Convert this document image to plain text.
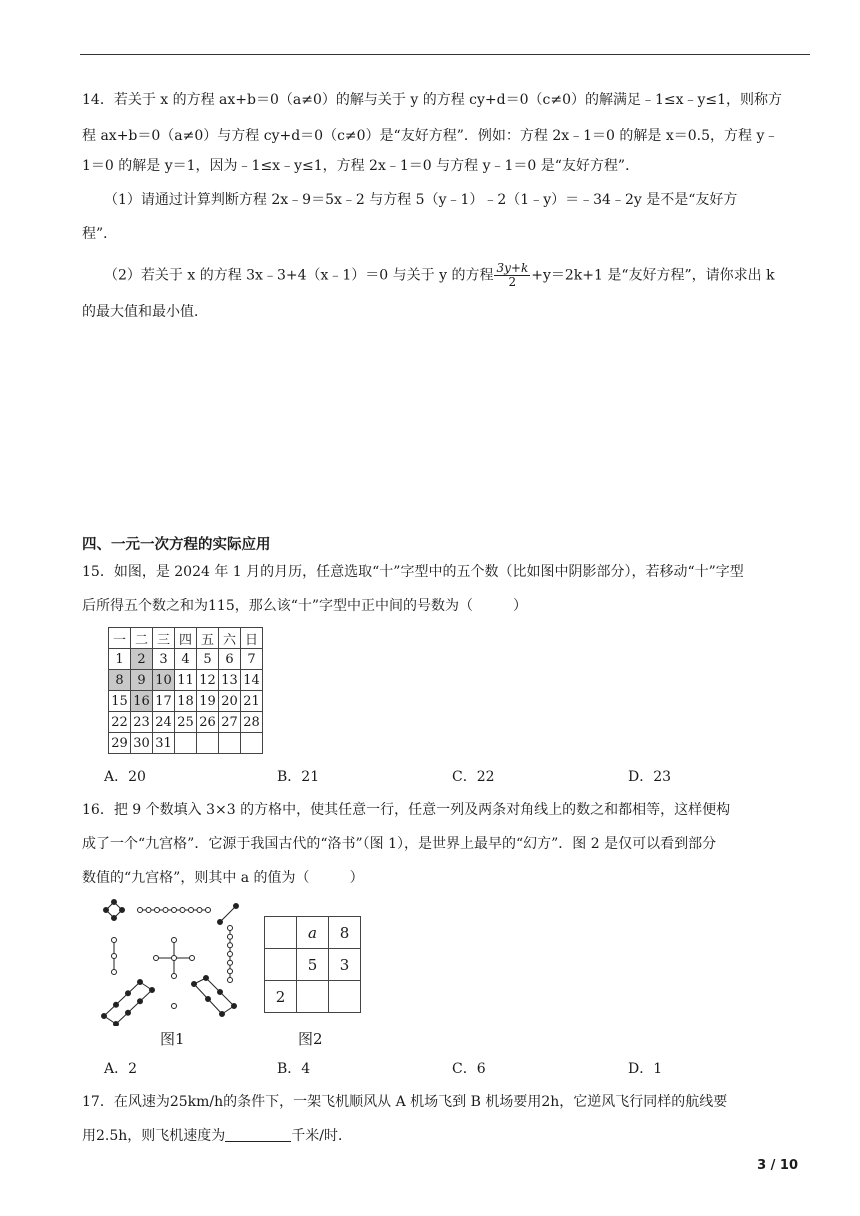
14．若关于 x 的方程 ax+b＝0（a≠0）的解与关于 y 的方程 cy+d＝0（c≠0）的解满足﹣1≤x﹣y≤1，则称方
程 ax+b＝0（a≠0）与方程 cy+d＝0（c≠0）是“友好方程”．例如：方程 2x﹣1＝0 的解是 x＝0.5，方程 y﹣
1＝0 的解是 y＝1，因为﹣1≤x﹣y≤1，方程 2x﹣1＝0 与方程 y﹣1＝0 是“友好方程”．
（1）请通过计算判断方程 2x﹣9＝5x﹣2 与方程 5（y﹣1）﹣2（1﹣y）＝﹣34﹣2y 是不是“友好方
程”．
（2）若关于 x 的方程 3x﹣3+4（x﹣1）＝0 与关于 y 的方程 $\frac{3y+k}{2} +y=2k+1$ 是“友好方程”，请你求出 k
的最大值和最小值．
四、一元一次方程的实际应用
15．如图，是 2024 年 1 月的月历，任意选取“十”字型中的五个数（比如图中阴影部分），若移动“十”字型
后所得五个数之和为115，那么该“十”字型中正中间的号数为（	）
一	二	三	四	五	六	日
1	2	3	4	5	6	7
8	9	10	11	12	13	14
15	16	17	18	19	20	21
22	23	24	25	26	27	28
29	30	31				
A．20	B．21	C．22	D．23
16．把 9 个数填入 3×3 的方格中，使其任意一行，任意一列及两条对角线上的数之和都相等，这样便构
成了一个“九宫格”．它源于我国古代的“洛书”（图 1），是世界上最早的“幻方”．图 2 是仅可以看到部分
数值的“九宫格”，则其中 a 的值为（	）
图1
	a	8
	5	3
2		
图2
A．2	B．4	C．6	D．1
17．在风速为25km/h的条件下，一架飞机顺风从 A 机场飞到 B 机场要用2h，它逆风飞行同样的航线要
用2.5h，则飞机速度为	千米/时．
3 / 10
